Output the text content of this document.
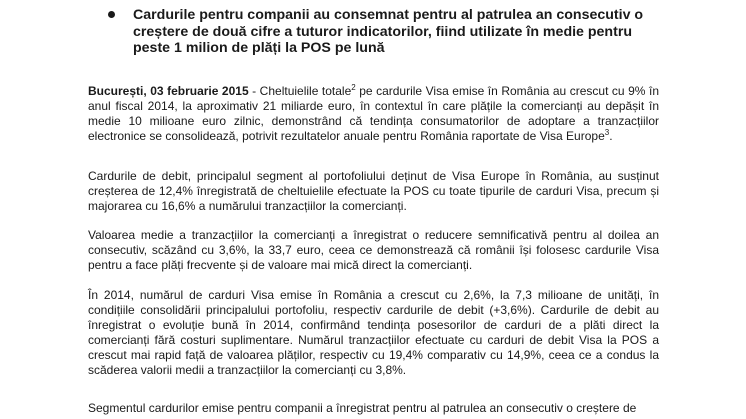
Cardurile pentru companii au consemnat pentru al patrulea an consecutiv o creștere de două cifre a tuturor indicatorilor, fiind utilizate în medie pentru peste 1 milion de plăți la POS pe lună

București, 03 februarie 2015 - Cheltuielile totale$^2$ pe cardurile Visa emise în România au crescut cu 9% în anul fiscal 2014, la aproximativ 21 miliarde euro, în contextul în care plățile la comercianți au depășit în medie 10 milioane euro zilnic, demonstrând că tendința consumatorilor de adoptare a tranzacțiilor electronice se consolidează, potrivit rezultatelor anuale pentru România raportate de Visa Europe$^3$.

Cardurile de debit, principalul segment al portofoliului deținut de Visa Europe în România, au susținut creșterea de 12,4% înregistrată de cheltuielile efectuate la POS cu toate tipurile de carduri Visa, precum și majorarea cu 16,6% a numărului tranzacțiilor la comercianți.

Valoarea medie a tranzacțiilor la comercianți a înregistrat o reducere semnificativă pentru al doilea an consecutiv, scăzând cu 3,6%, la 33,7 euro, ceea ce demonstrează că românii își folosesc cardurile Visa pentru a face plăți frecvente și de valoare mai mică direct la comercianți.

În 2014, numărul de carduri Visa emise în România a crescut cu 2,6%, la 7,3 milioane de unități, în condițiile consolidării principalului portofoliu, respectiv cardurile de debit (+3,6%). Cardurile de debit au înregistrat o evoluție bună în 2014, confirmând tendința posesorilor de carduri de a plăti direct la comercianți fără costuri suplimentare. Numărul tranzacțiilor efectuate cu carduri de debit Visa la POS a crescut mai rapid față de valoarea plăților, respectiv cu 19,4% comparativ cu 14,9%, ceea ce a condus la scăderea valorii medii a tranzacțiilor la comercianți cu 3,8%.

Segmentul cardurilor emise pentru companii a înregistrat pentru al patrulea an consecutiv o creștere de
